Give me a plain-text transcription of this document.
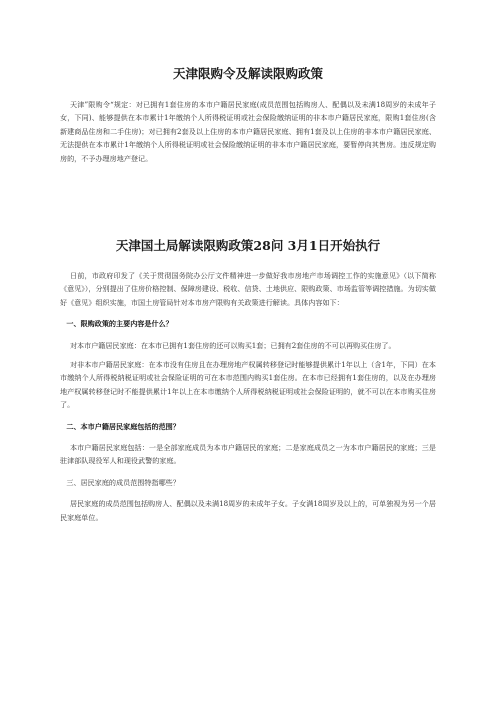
天津限购令及解读限购政策

天津”限购令“规定：对已拥有1套住房的本市户籍居民家庭(成员范围包括购房人、配偶以及未满18周岁的未成年子女，下同)、能够提供在本市累计1年缴纳个人所得税证明或社会保险缴纳证明的非本市户籍居民家庭，限购1套住房(含新建商品住房和二手住房)；对已拥有2套及以上住房的本市户籍居民家庭、拥有1套及以上住房的非本市户籍居民家庭、无法提供在本市累计1年缴纳个人所得税证明或社会保险缴纳证明的非本市户籍居民家庭，要暂停向其售房。违反规定购房的，不予办理房地产登记。

天津国土局解读限购政策28问 3月1日开始执行

日前，市政府印发了《关于贯彻国务院办公厅文件精神进一步做好我市房地产市场调控工作的实施意见》（以下简称《意见》），分别提出了住房价格控制、保障房建设、税收、信贷、土地供应、限购政策、市场监管等调控措施。为切实做好《意见》组织实施，市国土房管局针对本市房产限购有关政策进行解读。具体内容如下：

一、限购政策的主要内容是什么？

对本市户籍居民家庭：在本市已拥有1套住房的还可以购买1套；已拥有2套住房的不可以再购买住房了。

对非本市户籍居民家庭：在本市没有住房且在办理房地产权属转移登记时能够提供累计1年以上（含1年，下同）在本市缴纳个人所得税纳税证明或社会保险证明的可在本市范围内购买1套住房。在本市已经拥有1套住房的，以及在办理房地产权属转移登记时不能提供累计1年以上在本市缴纳个人所得税纳税证明或社会保险证明的，就不可以在本市购买住房了。

二、本市户籍居民家庭包括的范围？

本市户籍居民家庭包括：一是全部家庭成员为本市户籍居民的家庭；二是家庭成员之一为本市户籍居民的家庭；三是驻津部队现役军人和现役武警的家庭。

三、居民家庭的成员范围特指哪些？

居民家庭的成员范围包括购房人、配偶以及未满18周岁的未成年子女。子女满18周岁及以上的，可单独视为另一个居民家庭单位。
